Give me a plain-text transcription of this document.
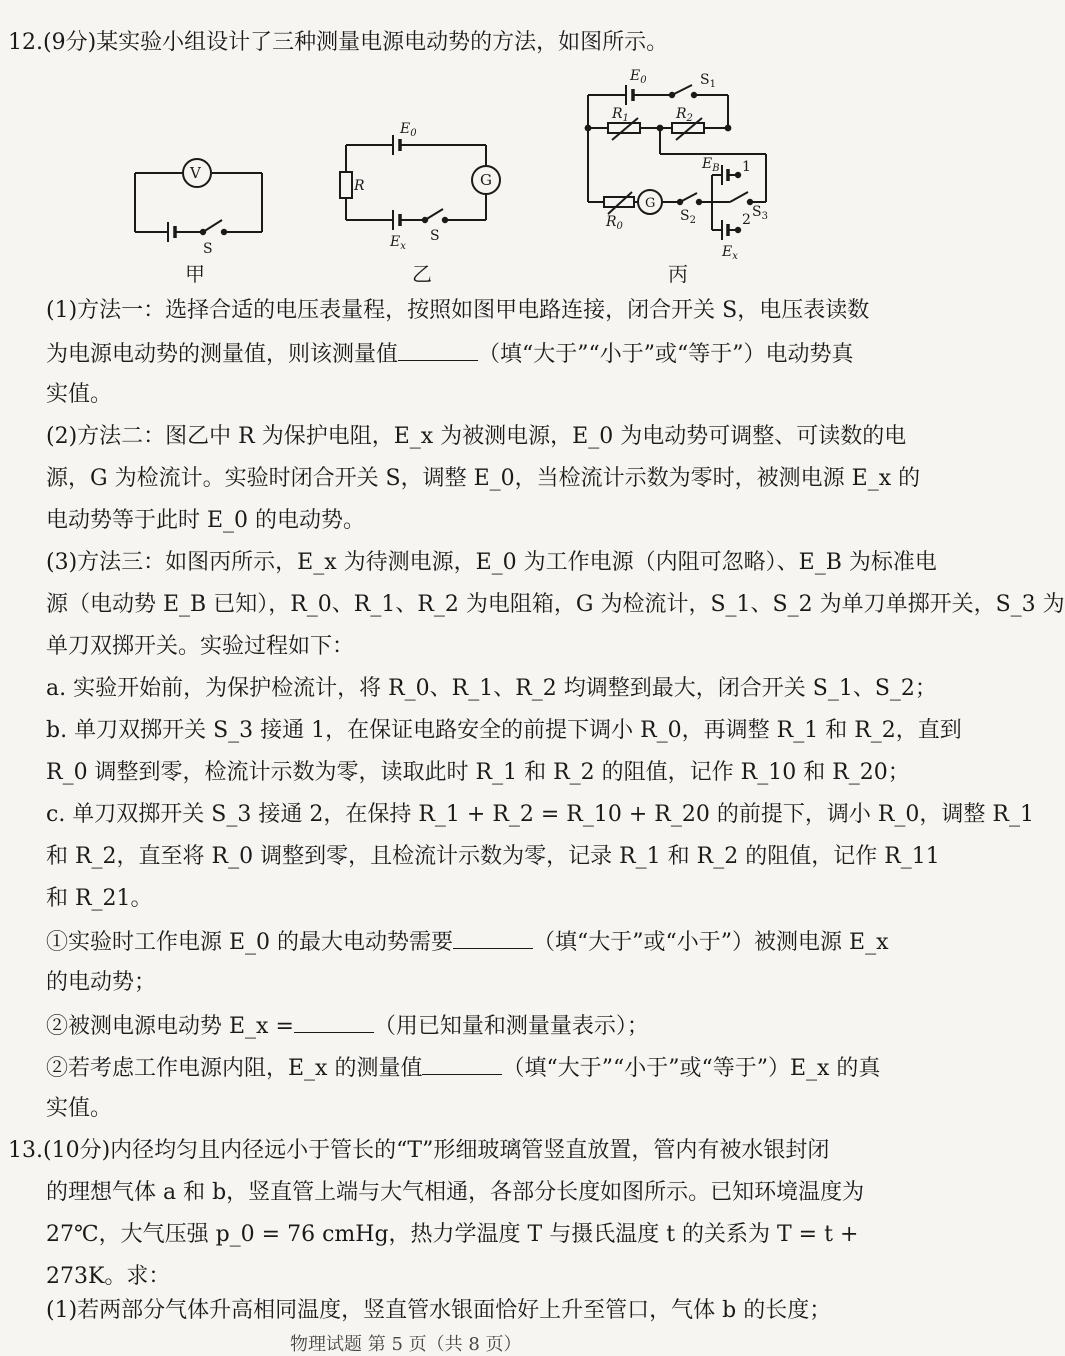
12.(9分)某实验小组设计了三种测量电源电动势的方法，如图所示。
V
S
$E_0$
R	G
$E_x$
S
$E_0$	$S_1$
$R_1$	$R_2$
$E_B$ 1
2
$R_0$
G
$S_2$
$S_3$
$E_x$
甲	乙	丙
(1)方法一：选择合适的电压表量程，按照如图甲电路连接，闭合开关 S，电压表读数
为电源电动势的测量值，则该测量值	（填“大于”“小于”或“等于”）电动势真
实值。
(2)方法二：图乙中 R 为保护电阻，E_x 为被测电源，E_0 为电动势可调整、可读数的电
源，G 为检流计。实验时闭合开关 S，调整 E_0，当检流计示数为零时，被测电源 E_x 的
电动势等于此时 E_0 的电动势。
(3)方法三：如图丙所示，E_x 为待测电源，E_0 为工作电源（内阻可忽略）、E_B 为标准电
源（电动势 E_B 已知），R_0、R_1、R_2 为电阻箱，G 为检流计，S_1、S_2 为单刀单掷开关，S_3 为
单刀双掷开关。实验过程如下：
a. 实验开始前，为保护检流计，将 R_0、R_1、R_2 均调整到最大，闭合开关 S_1、S_2；
b. 单刀双掷开关 S_3 接通 1，在保证电路安全的前提下调小 R_0，再调整 R_1 和 R_2，直到
R_0 调整到零，检流计示数为零，读取此时 R_1 和 R_2 的阻值，记作 R_10 和 R_20；
c. 单刀双掷开关 S_3 接通 2，在保持 R_1 + R_2 = R_10 + R_20 的前提下，调小 R_0，调整 R_1
和 R_2，直至将 R_0 调整到零，且检流计示数为零，记录 R_1 和 R_2 的阻值，记作 R_11
和 R_21。
①实验时工作电源 E_0 的最大电动势需要	（填“大于”或“小于”）被测电源 E_x
的电动势；
②被测电源电动势 E_x =	（用已知量和测量量表示）；
②若考虑工作电源内阻，E_x 的测量值	（填“大于”“小于”或“等于”）E_x 的真
实值。
13.(10分)内径均匀且内径远小于管长的“T”形细玻璃管竖直放置，管内有被水银封闭
的理想气体 a 和 b，竖直管上端与大气相通，各部分长度如图所示。已知环境温度为
27℃，大气压强 p_0 = 76 cmHg，热力学温度 T 与摄氏温度 t 的关系为 T = t +
273K。求：
(1)若两部分气体升高相同温度，竖直管水银面恰好上升至管口，气体 b 的长度；
物理试题 第 5 页（共 8 页）
